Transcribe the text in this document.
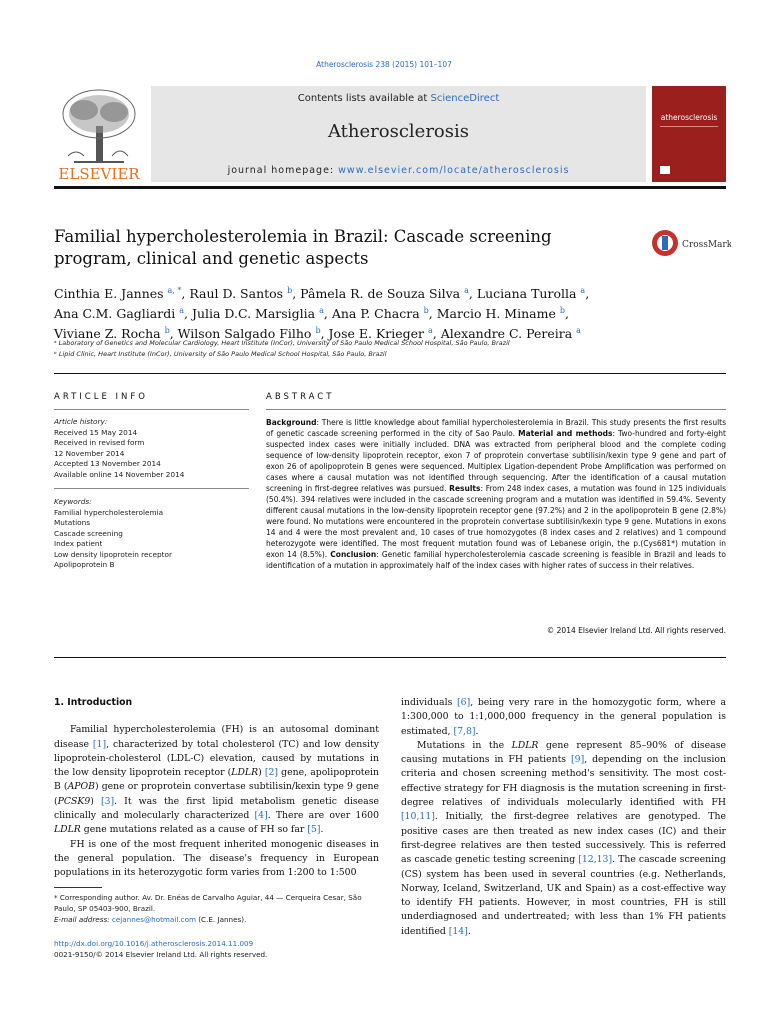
Atherosclerosis 238 (2015) 101–107
ELSEVIER
Contents lists available at ScienceDirect
Atherosclerosis
journal homepage: www.elsevier.com/locate/atherosclerosis
atherosclerosis
Familial hypercholesterolemia in Brazil: Cascade screening program, clinical and genetic aspects
CrossMark
Cinthia E. Jannes $^{a, *}$, Raul D. Santos $^b$, Pâmela R. de Souza Silva $^a$, Luciana Turolla $^a$,
Ana C.M. Gagliardi $^a$, Julia D.C. Marsiglia $^a$, Ana P. Chacra $^b$, Marcio H. Miname $^b$,
Viviane Z. Rocha $^b$, Wilson Salgado Filho $^b$, Jose E. Krieger $^a$, Alexandre C. Pereira $^a$
ᵃ Laboratory of Genetics and Molecular Cardiology, Heart Institute (InCor), University of São Paulo Medical School Hospital, São Paulo, Brazil
ᵇ Lipid Clinic, Heart Institute (InCor), University of São Paulo Medical School Hospital, São Paulo, Brazil
ARTICLE INFO
Article history:
Received 15 May 2014
Received in revised form
12 November 2014
Accepted 13 November 2014
Available online 14 November 2014
Keywords:
Familial hypercholesterolemia
Mutations
Cascade screening
Index patient
Low density lipoprotein receptor
Apolipoprotein B
ABSTRACT
Background: There is little knowledge about familial hypercholesterolemia in Brazil. This study presents the first results of genetic cascade screening performed in the city of Sao Paulo. Material and methods: Two-hundred and forty-eight suspected index cases were initially included. DNA was extracted from peripheral blood and the complete coding sequence of low-density lipoprotein receptor, exon 7 of proprotein convertase subtilisin/kexin type 9 gene and part of exon 26 of apolipoprotein B genes were sequenced. Multiplex Ligation-dependent Probe Amplification was performed on cases where a causal mutation was not identified through sequencing. After the identification of a causal mutation screening in first-degree relatives was pursued. Results: From 248 index cases, a mutation was found in 125 individuals (50.4%). 394 relatives were included in the cascade screening program and a mutation was identified in 59.4%. Seventy different causal mutations in the low-density lipoprotein receptor gene (97.2%) and 2 in the apolipoprotein B gene (2.8%) were found. No mutations were encountered in the proprotein convertase subtilisin/kexin type 9 gene. Mutations in exons 14 and 4 were the most prevalent and, 10 cases of true homozygotes (8 index cases and 2 relatives) and 1 compound heterozygote were identified. The most frequent mutation found was of Lebanese origin, the p.(Cys681*) mutation in exon 14 (8.5%). Conclusion: Genetic familial hypercholesterolemia cascade screening is feasible in Brazil and leads to identification of a mutation in approximately half of the index cases with higher rates of success in their relatives.
© 2014 Elsevier Ireland Ltd. All rights reserved.

1. Introduction

Familial hypercholesterolemia (FH) is an autosomal dominant disease [1], characterized by total cholesterol (TC) and low density lipoprotein-cholesterol (LDL-C) elevation, caused by mutations in the low density lipoprotein receptor (LDLR) [2] gene, apolipoprotein B (APOB) gene or proprotein convertase subtilisin/kexin type 9 gene (PCSK9) [3]. It was the first lipid metabolism genetic disease clinically and molecularly characterized [4]. There are over 1600 LDLR gene mutations related as a cause of FH so far [5].

FH is one of the most frequent inherited monogenic diseases in the general population. The disease's frequency in European populations in its heterozygotic form varies from 1:200 to 1:500

individuals [6], being very rare in the homozygotic form, where a 1:300,000 to 1:1,000,000 frequency in the general population is estimated, [7,8].

Mutations in the LDLR gene represent 85–90% of disease causing mutations in FH patients [9], depending on the inclusion criteria and chosen screening method's sensitivity. The most cost-effective strategy for FH diagnosis is the mutation screening in first-degree relatives of individuals molecularly identified with FH [10,11]. Initially, the first-degree relatives are genotyped. The positive cases are then treated as new index cases (IC) and their first-degree relatives are then tested successively. This is referred as cascade genetic testing screening [12,13]. The cascade screening (CS) system has been used in several countries (e.g. Netherlands, Norway, Iceland, Switzerland, UK and Spain) as a cost-effective way to identify FH patients. However, in most countries, FH is still underdiagnosed and undertreated; with less than 1% FH patients identified [14].

* Corresponding author. Av. Dr. Enéas de Carvalho Aguiar, 44 — Cerqueira Cesar, São Paulo, SP 05403-900, Brazil.
E-mail address: cejannes@hotmail.com (C.E. Jannes).
http://dx.doi.org/10.1016/j.atherosclerosis.2014.11.009
0021-9150/© 2014 Elsevier Ireland Ltd. All rights reserved.
